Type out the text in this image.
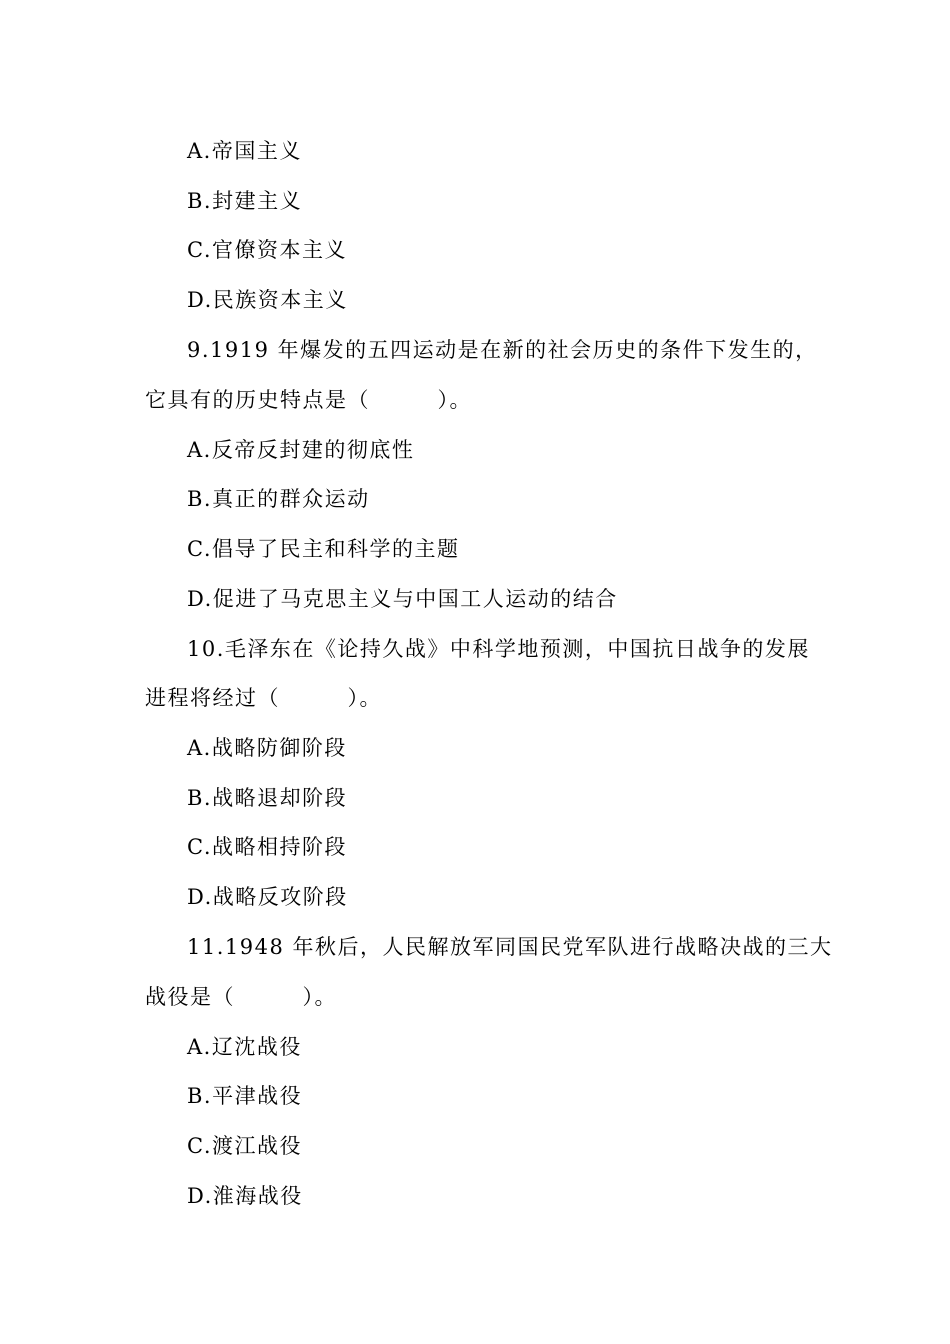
A.帝国主义
B.封建主义
C.官僚资本主义
D.民族资本主义
9.1919 年爆发的五四运动是在新的社会历史的条件下发生的，
它具有的历史特点是（　　　）。
A.反帝反封建的彻底性
B.真正的群众运动
C.倡导了民主和科学的主题
D.促进了马克思主义与中国工人运动的结合
10.毛泽东在《论持久战》中科学地预测，中国抗日战争的发展
进程将经过（　　　）。
A.战略防御阶段
B.战略退却阶段
C.战略相持阶段
D.战略反攻阶段
11.1948 年秋后，人民解放军同国民党军队进行战略决战的三大
战役是（　　　）。
A.辽沈战役
B.平津战役
C.渡江战役
D.淮海战役
